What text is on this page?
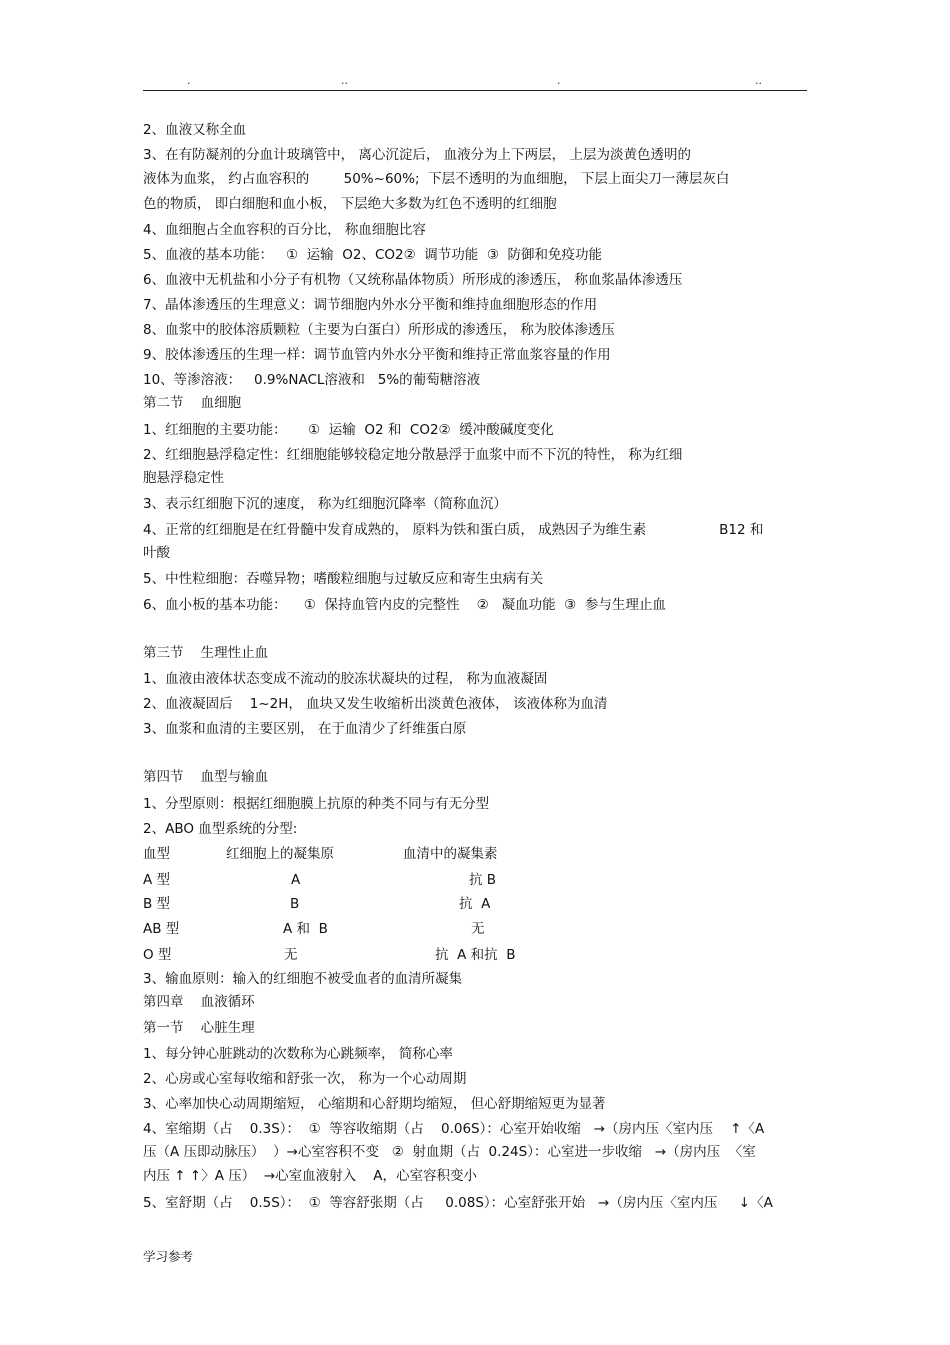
.	..	.	..
2、血液又称全血
3、在有防凝剂的分血计玻璃管中， 离心沉淀后， 血液分为上下两层， 上层为淡黄色透明的
液体为血浆， 约占血容积的        50%~60%;  下层不透明的为血细胞， 下层上面尖刀一薄层灰白
色的物质， 即白细胞和血小板， 下层绝大多数为红色不透明的红细胞
4、血细胞占全血容积的百分比， 称血细胞比容
5、血液的基本功能：   ①  运输  O2、CO2②  调节功能  ③  防御和免疫功能
6、血液中无机盐和小分子有机物（又统称晶体物质）所形成的渗透压， 称血浆晶体渗透压
7、晶体渗透压的生理意义：调节细胞内外水分平衡和维持血细胞形态的作用
8、血浆中的胶体溶质颗粒（主要为白蛋白）所形成的渗透压， 称为胶体渗透压
9、胶体渗透压的生理一样：调节血管内外水分平衡和维持正常血浆容量的作用
10、等渗溶液：   0.9%NACL溶液和   5%的葡萄糖溶液
第二节    血细胞
1、红细胞的主要功能：     ①  运输  O2 和  CO2②  缓冲酸碱度变化
2、红细胞悬浮稳定性：红细胞能够较稳定地分散悬浮于血浆中而不下沉的特性， 称为红细
胞悬浮稳定性
3、表示红细胞下沉的速度， 称为红细胞沉降率（简称血沉）
4、正常的红细胞是在红骨髓中发育成熟的， 原料为铁和蛋白质， 成熟因子为维生素                 B12 和
叶酸
5、中性粒细胞：吞噬异物；嗜酸粒细胞与过敏反应和寄生虫病有关
6、血小板的基本功能：    ①  保持血管内皮的完整性    ②   凝血功能  ③  参与生理止血
第三节    生理性止血
1、血液由液体状态变成不流动的胶冻状凝块的过程， 称为血液凝固
2、血液凝固后    1~2H， 血块又发生收缩析出淡黄色液体， 该液体称为血清
3、血浆和血清的主要区别， 在于血清少了纤维蛋白原
第四节    血型与输血
1、分型原则：根据红细胞膜上抗原的种类不同与有无分型
2、ABO 血型系统的分型:
血型	红细胞上的凝集原	血清中的凝集素
A 型	A	抗 B
B 型	B	抗  A
AB 型	A 和  B	无
O 型	无	抗  A 和抗  B
3、输血原则：输入的红细胞不被受血者的血清所凝集
第四章    血液循环
第一节    心脏生理
1、每分钟心脏跳动的次数称为心跳频率， 简称心率
2、心房或心室每收缩和舒张一次， 称为一个心动周期
3、心率加快心动周期缩短， 心缩期和心舒期均缩短， 但心舒期缩短更为显著
4、室缩期（占    0.3S）：  ①  等容收缩期（占    0.06S）：心室开始收缩   →（房内压〈室内压    ↑〈A
压（A 压即动脉压）  ）→心室容积不变   ②  射血期（占  0.24S）：心室进一步收缩   →（房内压  〈室
内压 ↑ ↑〉A 压）  →心室血液射入    A，心室容积变小
5、室舒期（占    0.5S）：  ①  等容舒张期（占     0.08S）：心室舒张开始   →（房内压〈室内压     ↓〈A
学习参考
